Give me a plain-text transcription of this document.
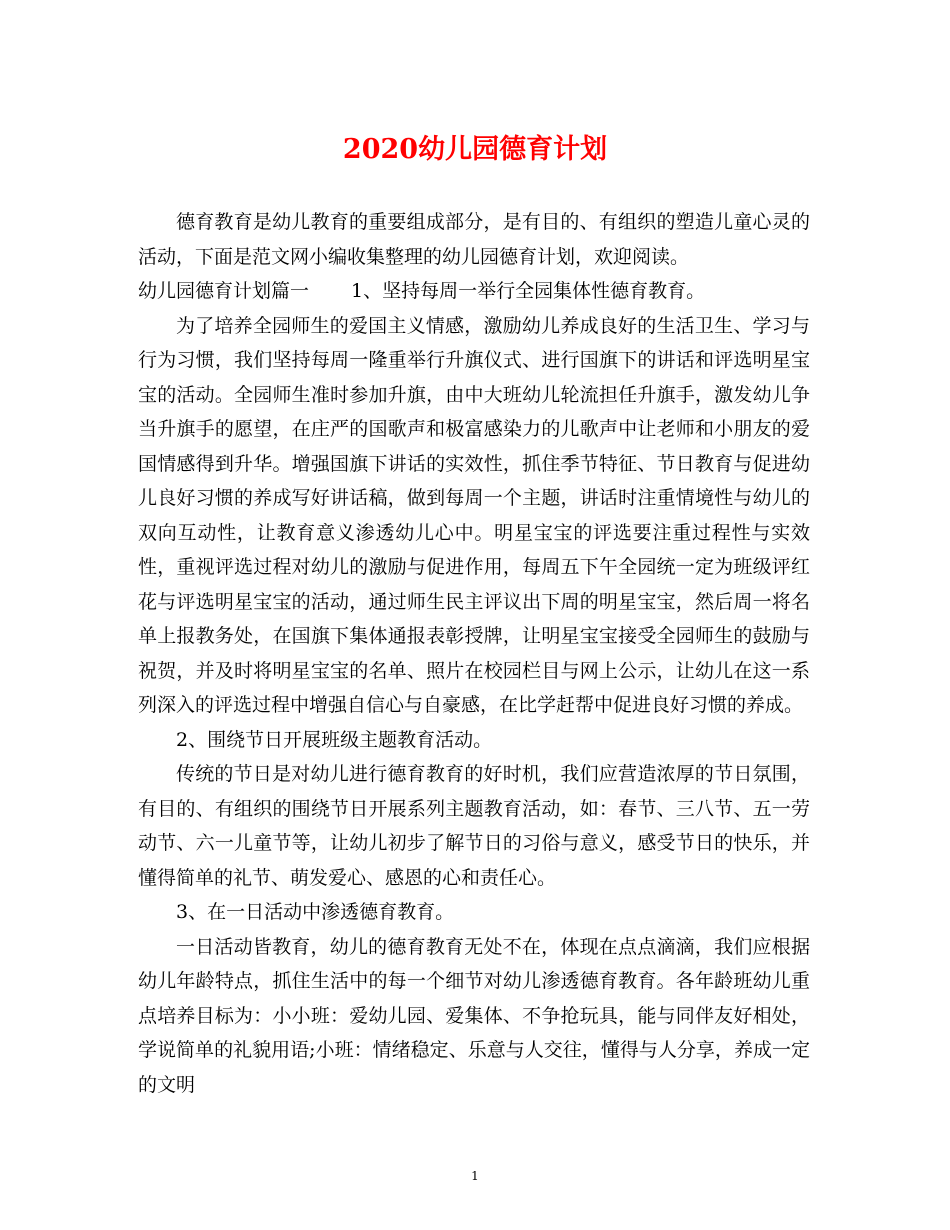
2020幼儿园德育计划

德育教育是幼儿教育的重要组成部分，是有目的、有组织的塑造儿童心灵的活动，下面是范文网小编收集整理的幼儿园德育计划，欢迎阅读。

幼儿园德育计划篇一 1、坚持每周一举行全园集体性德育教育。

为了培养全园师生的爱国主义情感，激励幼儿养成良好的生活卫生、学习与行为习惯，我们坚持每周一隆重举行升旗仪式、进行国旗下的讲话和评选明星宝宝的活动。全园师生准时参加升旗，由中大班幼儿轮流担任升旗手，激发幼儿争当升旗手的愿望，在庄严的国歌声和极富感染力的儿歌声中让老师和小朋友的爱国情感得到升华。增强国旗下讲话的实效性，抓住季节特征、节日教育与促进幼儿良好习惯的养成写好讲话稿，做到每周一个主题，讲话时注重情境性与幼儿的双向互动性，让教育意义渗透幼儿心中。明星宝宝的评选要注重过程性与实效性，重视评选过程对幼儿的激励与促进作用，每周五下午全园统一定为班级评红花与评选明星宝宝的活动，通过师生民主评议出下周的明星宝宝，然后周一将名单上报教务处，在国旗下集体通报表彰授牌，让明星宝宝接受全园师生的鼓励与祝贺，并及时将明星宝宝的名单、照片在校园栏目与网上公示，让幼儿在这一系列深入的评选过程中增强自信心与自豪感，在比学赶帮中促进良好习惯的养成。

2、围绕节日开展班级主题教育活动。

传统的节日是对幼儿进行德育教育的好时机，我们应营造浓厚的节日氛围，有目的、有组织的围绕节日开展系列主题教育活动，如：春节、三八节、五一劳动节、六一儿童节等，让幼儿初步了解节日的习俗与意义，感受节日的快乐，并懂得简单的礼节、萌发爱心、感恩的心和责任心。

3、在一日活动中渗透德育教育。

一日活动皆教育，幼儿的德育教育无处不在，体现在点点滴滴，我们应根据幼儿年龄特点，抓住生活中的每一个细节对幼儿渗透德育教育。各年龄班幼儿重点培养目标为：小小班：爱幼儿园、爱集体、不争抢玩具，能与同伴友好相处，学说简单的礼貌用语;小班：情绪稳定、乐意与人交往，懂得与人分享，养成一定的文明

1
